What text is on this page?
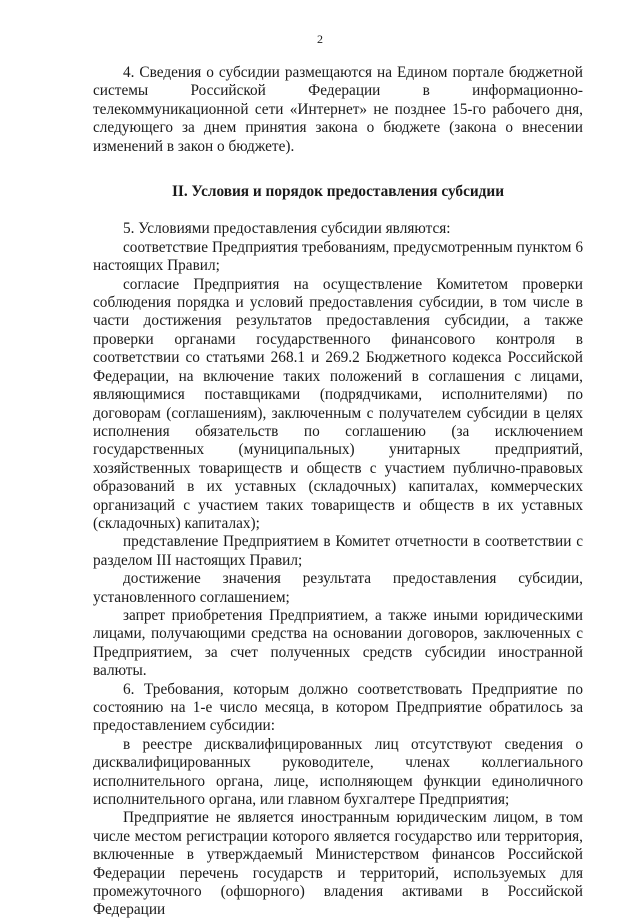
2

4. Сведения о субсидии размещаются на Едином портале бюджетной системы Российской Федерации в информационно-телекоммуникационной сети «Интернет» не позднее 15-го рабочего дня, следующего за днем принятия закона о бюджете (закона о внесении изменений в закон о бюджете).

II. Условия и порядок предоставления субсидии

5. Условиями предоставления субсидии являются:

соответствие Предприятия требованиям, предусмотренным пунктом 6 настоящих Правил;

согласие Предприятия на осуществление Комитетом проверки соблюдения порядка и условий предоставления субсидии, в том числе в части достижения результатов предоставления субсидии, а также проверки органами государственного финансового контроля в соответствии со статьями 268.1 и 269.2 Бюджетного кодекса Российской Федерации, на включение таких положений в соглашения с лицами, являющимися поставщиками (подрядчиками, исполнителями) по договорам (соглашениям), заключенным с получателем субсидии в целях исполнения обязательств по соглашению (за исключением государственных (муниципальных) унитарных предприятий, хозяйственных товариществ и обществ с участием публично-правовых образований в их уставных (складочных) капиталах, коммерческих организаций с участием таких товариществ и обществ в их уставных (складочных) капиталах);

представление Предприятием в Комитет отчетности в соответствии с разделом III настоящих Правил;

достижение значения результата предоставления субсидии, установленного соглашением;

запрет приобретения Предприятием, а также иными юридическими лицами, получающими средства на основании договоров, заключенных с Предприятием, за счет полученных средств субсидии иностранной валюты.

6. Требования, которым должно соответствовать Предприятие по состоянию на 1-е число месяца, в котором Предприятие обратилось за предоставлением субсидии:

в реестре дисквалифицированных лиц отсутствуют сведения о дисквалифицированных руководителе, членах коллегиального исполнительного органа, лице, исполняющем функции единоличного исполнительного органа, или главном бухгалтере Предприятия;

Предприятие не является иностранным юридическим лицом, в том числе местом регистрации которого является государство или территория, включенные в утверждаемый Министерством финансов Российской Федерации перечень государств и территорий, используемых для промежуточного (офшорного) владения активами в Российской Федерации
